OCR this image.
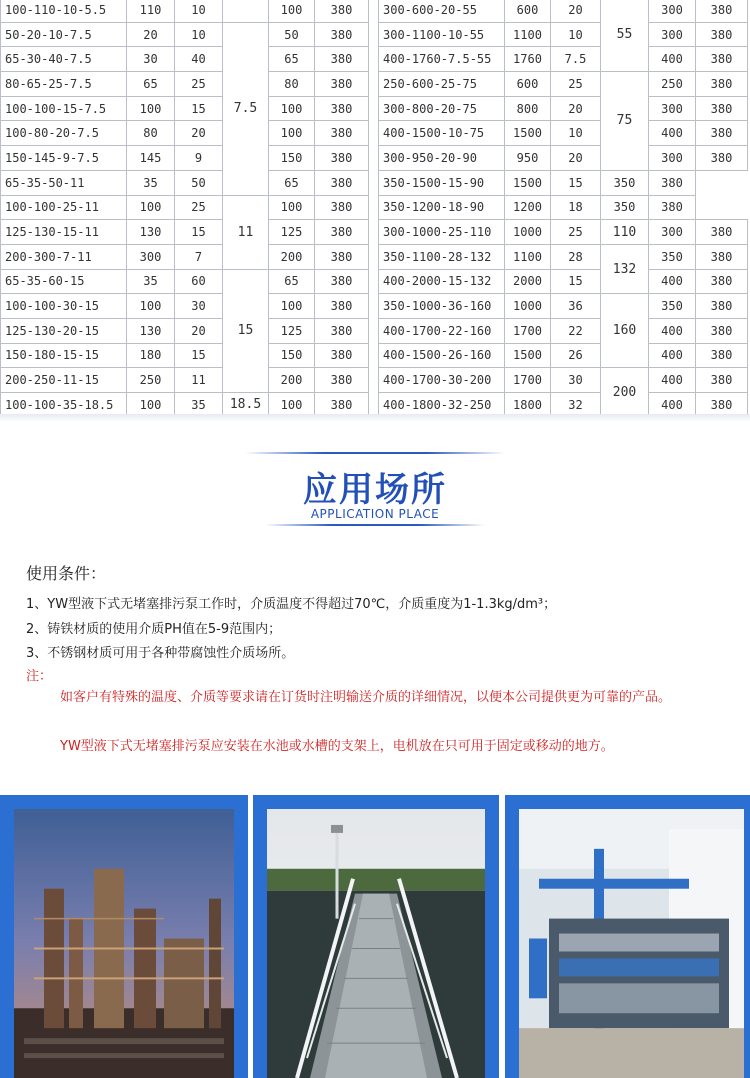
100-110-10-5.5	110	10		100	380
50-20-10-7.5	20	10	7.5	50	380
65-30-40-7.5	30	40		65	380
80-65-25-7.5	65	25		80	380
100-100-15-7.5	100	15		100	380
100-80-20-7.5	80	20		100	380
150-145-9-7.5	145	9		150	380
65-35-50-11	35	50		65	380
100-100-25-11	100	25	11	100	380
125-130-15-11	130	15		125	380
200-300-7-11	300	7		200	380
65-35-60-15	35	60	15	65	380
100-100-30-15	100	30		100	380
125-130-20-15	130	20		125	380
150-180-15-15	180	15		150	380
200-250-11-15	250	11		200	380
100-100-35-18.5	100	35	18.5	100	380
300-600-20-55	600	20	55	300	380
300-1100-10-55	1100	10		300	380
400-1760-7.5-55	1760	7.5		400	380
250-600-25-75	600	25	75	250	380
300-800-20-75	800	20		300	380
400-1500-10-75	1500	10		400	380
300-950-20-90	950	20		300	380
350-1500-15-90	1500	15	350	380	
350-1200-18-90	1200	18	350	380	
300-1000-25-110	1000	25	110	300	380
350-1100-28-132	1100	28	132	350	380
400-2000-15-132	2000	15		400	380
350-1000-36-160	1000	36	160	350	380
400-1700-22-160	1700	22		400	380
400-1500-26-160	1500	26		400	380
400-1700-30-200	1700	30	200	400	380
400-1800-32-250	1800	32		400	380
应用场所
APPLICATION PLACE
使用条件：
1、YW型液下式无堵塞排污泵工作时，介质温度不得超过70℃，介质重度为1-1.3kg/dm³；
2、铸铁材质的使用介质PH值在5-9范围内；
3、不锈钢材质可用于各种带腐蚀性介质场所。
注：
如客户有特殊的温度、介质等要求请在订货时注明输送介质的详细情况，以便本公司提供更为可靠的产品。
YW型液下式无堵塞排污泵应安装在水池或水槽的支架上，电机放在只可用于固定或移动的地方。
